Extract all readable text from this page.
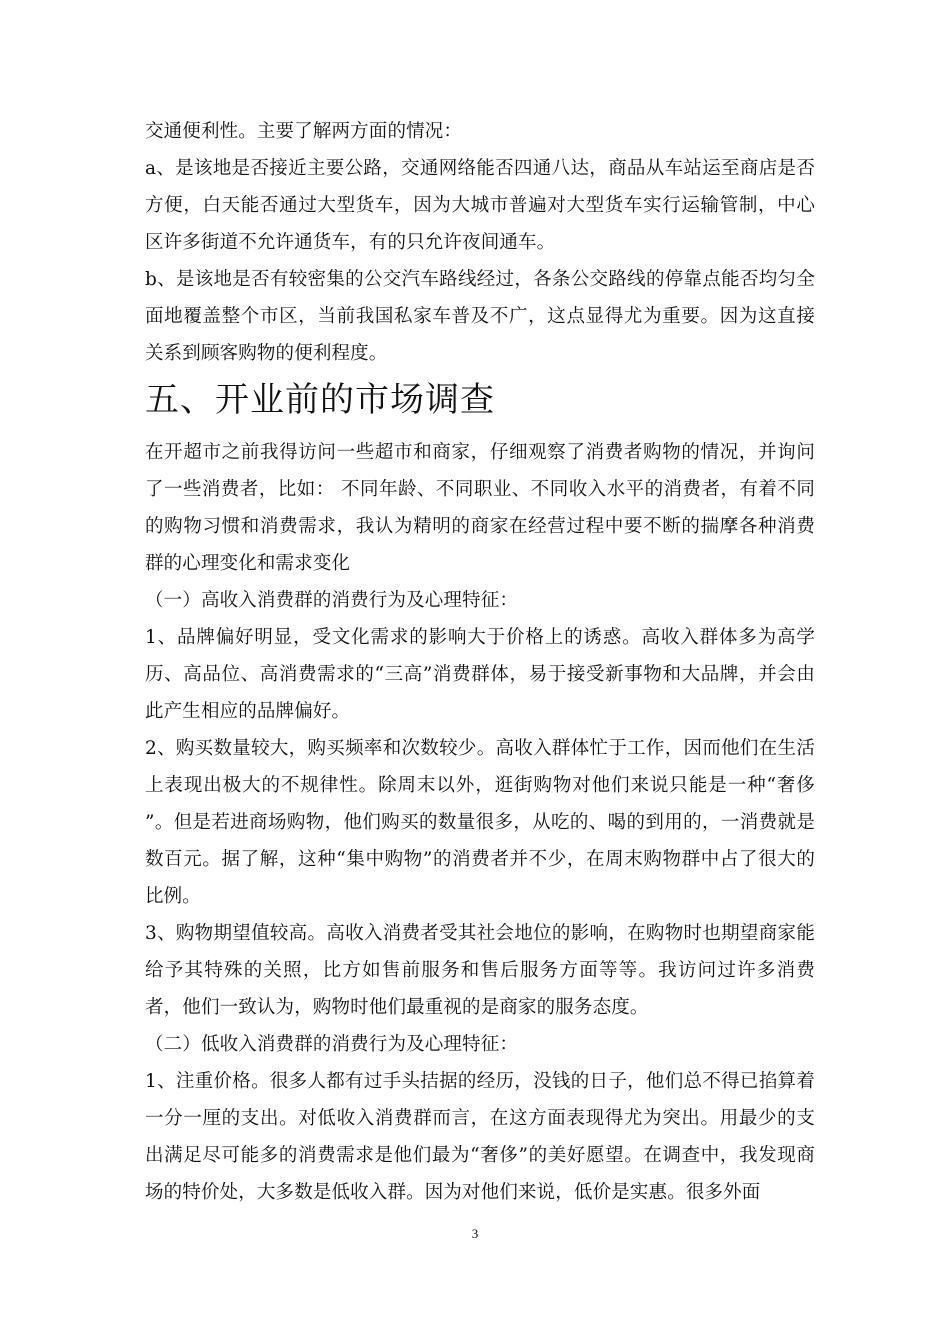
交通便利性。主要了解两方面的情况：

a、是该地是否接近主要公路，交通网络能否四通八达，商品从车站运至商店是否方便，白天能否通过大型货车，因为大城市普遍对大型货车实行运输管制，中心区许多街道不允许通货车，有的只允许夜间通车。

b、是该地是否有较密集的公交汽车路线经过，各条公交路线的停靠点能否均匀全面地覆盖整个市区，当前我国私家车普及不广，这点显得尤为重要。因为这直接关系到顾客购物的便利程度。

五、开业前的市场调查

在开超市之前我得访问一些超市和商家，仔细观察了消费者购物的情况，并询问了一些消费者，比如： 不同年龄、不同职业、不同收入水平的消费者，有着不同的购物习惯和消费需求，我认为精明的商家在经营过程中要不断的揣摩各种消费群的心理变化和需求变化

（一）高收入消费群的消费行为及心理特征：

1、品牌偏好明显，受文化需求的影响大于价格上的诱惑。高收入群体多为高学历、高品位、高消费需求的“三高”消费群体，易于接受新事物和大品牌，并会由此产生相应的品牌偏好。

2、购买数量较大，购买频率和次数较少。高收入群体忙于工作，因而他们在生活上表现出极大的不规律性。除周末以外，逛街购物对他们来说只能是一种“奢侈 ”。但是若进商场购物，他们购买的数量很多，从吃的、喝的到用的，一消费就是数百元。据了解，这种“集中购物”的消费者并不少，在周末购物群中占了很大的比例。

3、购物期望值较高。高收入消费者受其社会地位的影响，在购物时也期望商家能给予其特殊的关照，比方如售前服务和售后服务方面等等。我访问过许多消费者，他们一致认为，购物时他们最重视的是商家的服务态度。

（二）低收入消费群的消费行为及心理特征：

1、注重价格。很多人都有过手头拮据的经历，没钱的日子，他们总不得已掐算着一分一厘的支出。对低收入消费群而言，在这方面表现得尤为突出。用最少的支出满足尽可能多的消费需求是他们最为“奢侈”的美好愿望。在调查中，我发现商场的特价处，大多数是低收入群。因为对他们来说，低价是实惠。很多外面

3
